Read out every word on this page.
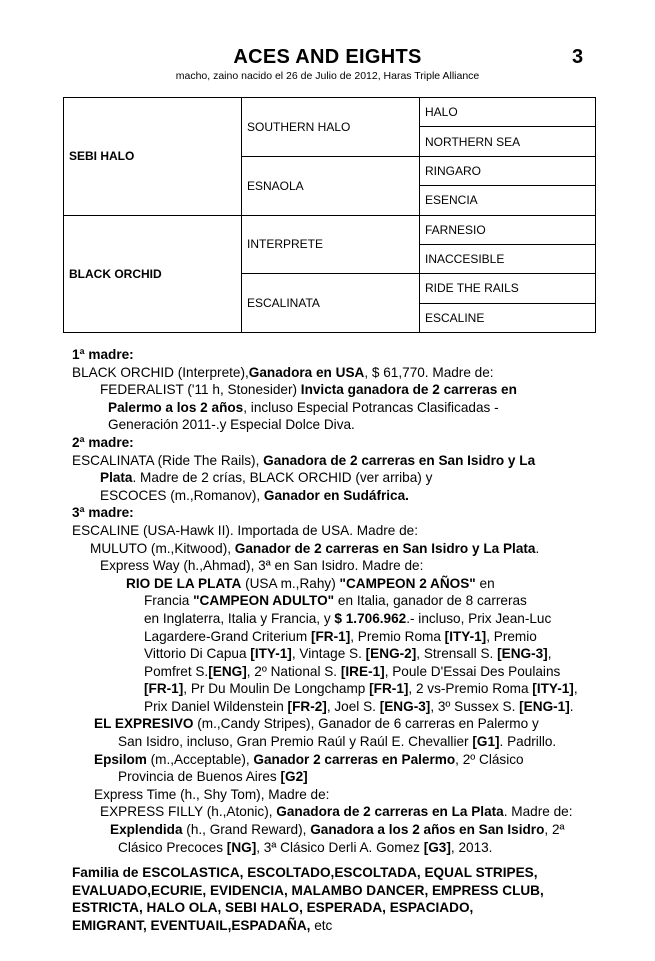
ACES AND EIGHTS	3
macho, zaino nacido el 26 de Julio de 2012, Haras Triple Alliance
SEBI HALO	SOUTHERN HALO	HALO
		NORTHERN SEA
	ESNAOLA	RINGARO
		ESENCIA
BLACK ORCHID	INTERPRETE	FARNESIO
		INACCESIBLE
	ESCALINATA	RIDE THE RAILS
		ESCALINE
1ª madre:
BLACK ORCHID (Interprete),Ganadora en USA, $ 61,770. Madre de:
FEDERALIST ('11 h, Stonesider) Invicta ganadora de 2 carreras en
Palermo a los 2 años, incluso Especial Potrancas Clasificadas -
Generación 2011-.y Especial Dolce Diva.
2ª madre:
ESCALINATA (Ride The Rails), Ganadora de 2 carreras en San Isidro y La
Plata. Madre de 2 crías, BLACK ORCHID (ver arriba) y
ESCOCES (m.,Romanov), Ganador en Sudáfrica.
3ª madre:
ESCALINE (USA-Hawk II). Importada de USA. Madre de:
MULUTO (m.,Kitwood), Ganador de 2 carreras en San Isidro y La Plata.
Express Way (h.,Ahmad), 3ª en San Isidro. Madre de:
RIO DE LA PLATA (USA m.,Rahy) "CAMPEON 2 AÑOS" en
Francia "CAMPEON ADULTO" en Italia, ganador de 8 carreras
en Inglaterra, Italia y Francia, y $ 1.706.962.- incluso, Prix Jean-Luc
Lagardere-Grand Criterium [FR-1], Premio Roma [ITY-1], Premio
Vittorio Di Capua [ITY-1], Vintage S. [ENG-2], Strensall S. [ENG-3],
Pomfret S.[ENG], 2º National S. [IRE-1], Poule D'Essai Des Poulains
[FR-1], Pr Du Moulin De Longchamp [FR-1], 2 vs-Premio Roma [ITY-1],
Prix Daniel Wildenstein [FR-2], Joel S. [ENG-3], 3º Sussex S. [ENG-1].
EL EXPRESIVO (m.,Candy Stripes), Ganador de 6 carreras en Palermo y
San Isidro, incluso, Gran Premio Raúl y Raúl E. Chevallier [G1]. Padrillo.
Epsilom (m.,Acceptable), Ganador 2 carreras en Palermo, 2º Clásico
Provincia de Buenos Aires [G2]
Express Time (h., Shy Tom), Madre de:
EXPRESS FILLY (h.,Atonic), Ganadora de 2 carreras en La Plata. Madre de:
Explendida (h., Grand Reward), Ganadora a los 2 años en San Isidro, 2ª
Clásico Precoces [NG], 3ª Clásico Derli A. Gomez [G3], 2013.
Familia de ESCOLASTICA, ESCOLTADO,ESCOLTADA, EQUAL STRIPES,
EVALUADO,ECURIE, EVIDENCIA, MALAMBO DANCER, EMPRESS CLUB,
ESTRICTA, HALO OLA, SEBI HALO, ESPERADA, ESPACIADO,
EMIGRANT, EVENTUAIL,ESPADAÑA, etc
